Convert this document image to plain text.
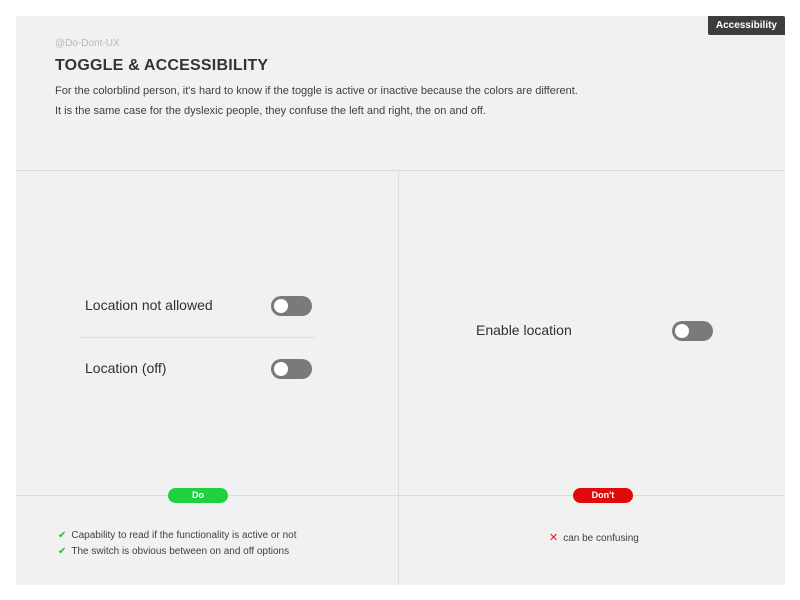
Accessibility
@Do-Dont-UX
TOGGLE & ACCESSIBILITY
For the colorblind person, it's hard to know if the toggle is active or inactive because the colors are different.
It is the same case for the dyslexic people, they confuse the left and right, the on and off.
Location not allowed
Location (off)
Do
✔ Capability to read if the functionality is active or not
✔ The switch is obvious between on and off options
Enable location
Don't
✕ can be confusing
